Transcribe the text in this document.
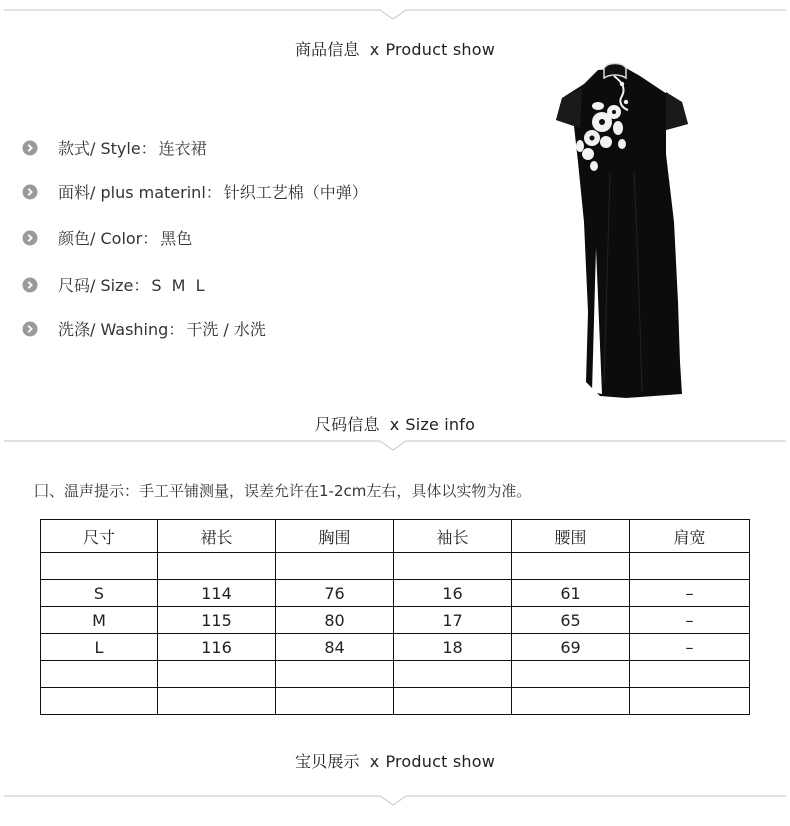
商品信息 x Product show
款式/ Style： 连衣裙
面料/ plus materinl： 针织工艺棉（中弹）
颜色/ Color： 黑色
尺码/ Size： S  M  L
洗涤/ Washing： 干洗 / 水洗
尺码信息 x Size info
囗、温声提示：手工平铺测量，误差允许在1-2cm左右，具体以实物为准。
尺寸	裙长	胸围	袖长	腰围	肩宽

S	114	76	16	61	–
M	115	80	17	65	–
L	116	84	18	69	–

宝贝展示 x Product show
